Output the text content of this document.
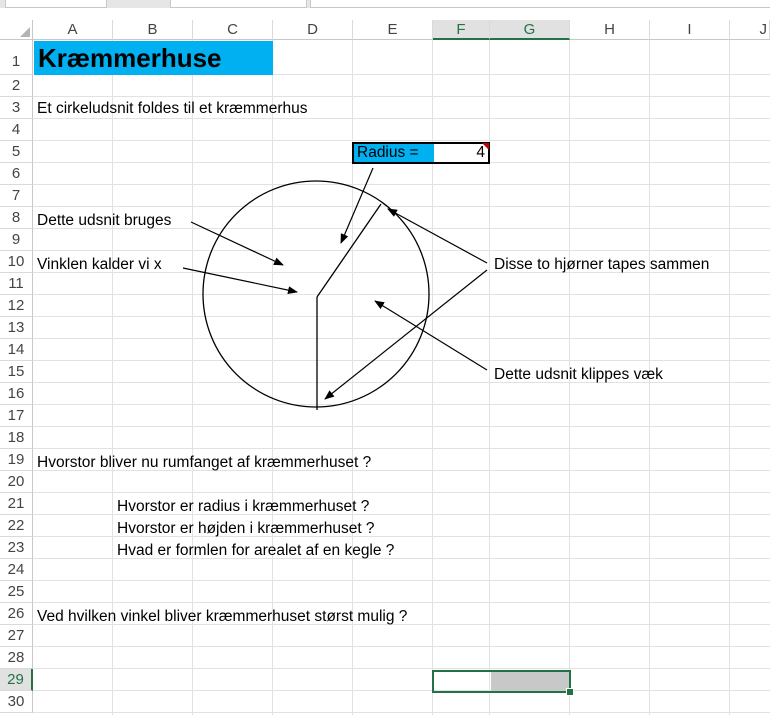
A	B	C	D	E	F	G	H	I	J
1
2
3
4
5
6
7
8
9
10
11
12
13
14
15
16
17
18
19
20
21
22
23
24
25
26
27
28
29
30
Kræmmerhuse
Et cirkeludsnit foldes til et kræmmerhus
Radius =	4
Dette udsnit bruges
Vinklen kalder vi x	Disse to hjørner tapes sammen
Dette udsnit klippes væk
Hvorstor bliver nu rumfanget af kræmmerhuset ?
Hvorstor er radius i kræmmerhuset ?
Hvorstor er højden i kræmmerhuset ?
Hvad er formlen for arealet af en kegle ?
Ved hvilken vinkel bliver kræmmerhuset størst mulig ?
